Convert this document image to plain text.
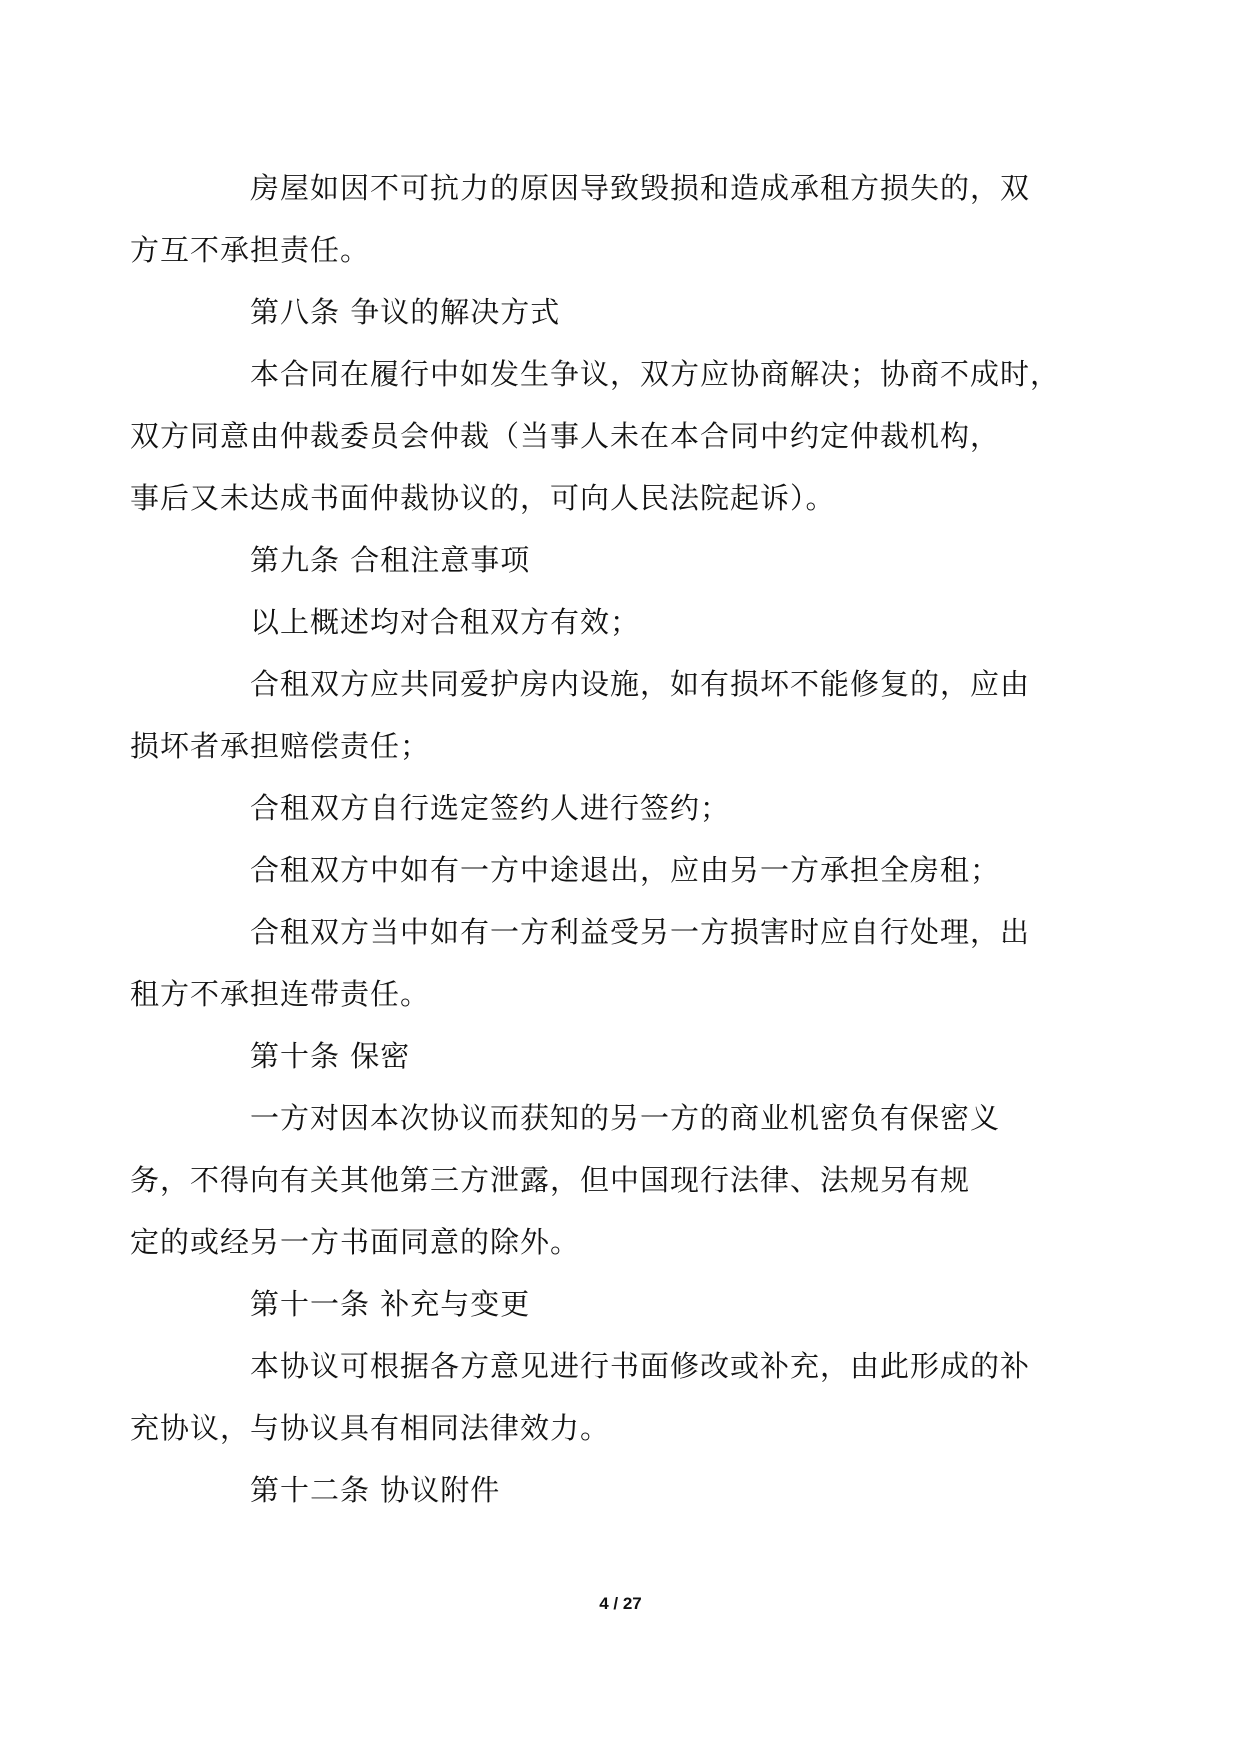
房屋如因不可抗力的原因导致毁损和造成承租方损失的，双
方互不承担责任。

第八条 争议的解决方式

本合同在履行中如发生争议，双方应协商解决；协商不成时，
双方同意由仲裁委员会仲裁（当事人未在本合同中约定仲裁机构，
事后又未达成书面仲裁协议的，可向人民法院起诉）。

第九条 合租注意事项

以上概述均对合租双方有效；

合租双方应共同爱护房内设施，如有损坏不能修复的，应由
损坏者承担赔偿责任；

合租双方自行选定签约人进行签约；

合租双方中如有一方中途退出，应由另一方承担全房租；

合租双方当中如有一方利益受另一方损害时应自行处理，出
租方不承担连带责任。

第十条 保密

一方对因本次协议而获知的另一方的商业机密负有保密义
务，不得向有关其他第三方泄露，但中国现行法律、法规另有规
定的或经另一方书面同意的除外。

第十一条 补充与变更

本协议可根据各方意见进行书面修改或补充，由此形成的补
充协议，与协议具有相同法律效力。

第十二条 协议附件

4 / 27
